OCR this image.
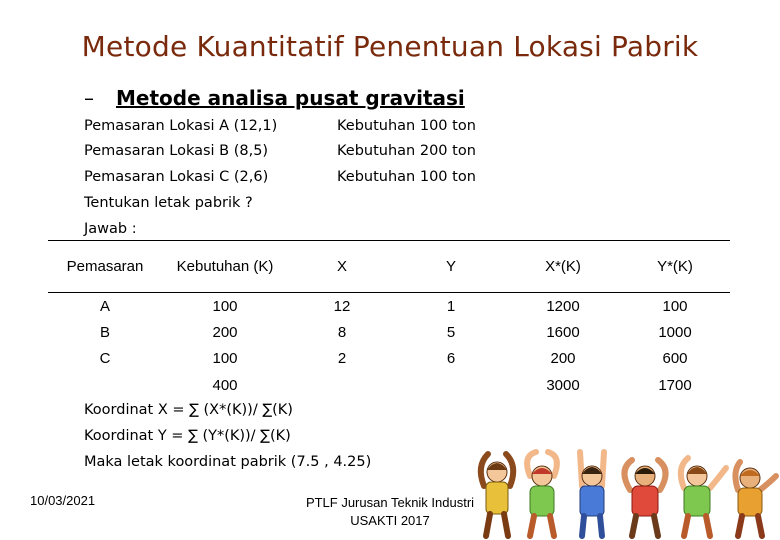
Metode Kuantitatif Penentuan Lokasi Pabrik
– Metode analisa pusat gravitasi
Pemasaran Lokasi A (12,1)	Kebutuhan 100 ton
Pemasaran Lokasi B (8,5)	Kebutuhan 200 ton
Pemasaran Lokasi C (2,6)	Kebutuhan 100 ton
Tentukan letak pabrik ?
Jawab :
Pemasaran	Kebutuhan (K)	X	Y	X*(K)	Y*(K)
A	100	12	1	1200	100
B	200	8	5	1600	1000
C	100	2	6	200	600
	400			3000	1700
Koordinat X = ∑ (X*(K))/ ∑(K)
Koordinat Y = ∑ (Y*(K))/ ∑(K)
Maka letak koordinat pabrik (7.5 , 4.25)
10/03/2021	PTLF Jurusan Teknik Industri
USAKTI 2017
